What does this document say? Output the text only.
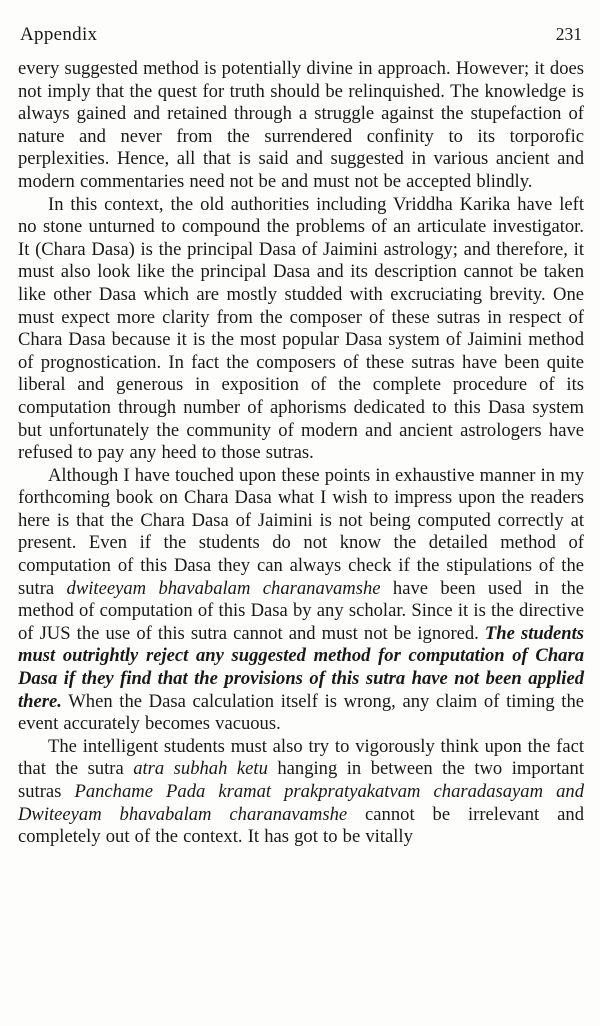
Appendix	231

every suggested method is potentially divine in approach. However; it does not imply that the quest for truth should be relinquished. The knowledge is always gained and retained through a struggle against the stupefaction of nature and never from the surrendered confinity to its torporofic perplexities. Hence, all that is said and suggested in various ancient and modern commentaries need not be and must not be accepted blindly.

In this context, the old authorities including Vriddha Karika have left no stone unturned to compound the problems of an articulate investigator. It (Chara Dasa) is the principal Dasa of Jaimini astrology; and therefore, it must also look like the principal Dasa and its description cannot be taken like other Dasa which are mostly studded with excruciating brevity. One must expect more clarity from the composer of these sutras in respect of Chara Dasa because it is the most popular Dasa system of Jaimini method of prognostication. In fact the composers of these sutras have been quite liberal and generous in exposition of the complete procedure of its computation through number of aphorisms dedicated to this Dasa system but unfortunately the community of modern and ancient astrologers have refused to pay any heed to those sutras.

Although I have touched upon these points in exhaustive manner in my forthcoming book on Chara Dasa what I wish to impress upon the readers here is that the Chara Dasa of Jaimini is not being computed correctly at present. Even if the students do not know the detailed method of computation of this Dasa they can always check if the stipulations of the sutra dwiteeyam bhavabalam charanavamshe have been used in the method of computation of this Dasa by any scholar. Since it is the directive of JUS the use of this sutra cannot and must not be ignored. The students must outrightly reject any suggested method for computation of Chara Dasa if they find that the provisions of this sutra have not been applied there. When the Dasa calculation itself is wrong, any claim of timing the event accurately becomes vacuous.

The intelligent students must also try to vigorously think upon the fact that the sutra atra subhah ketu hanging in between the two important sutras Panchame Pada kramat prakpratyakatvam charadasayam and Dwiteeyam bhavabalam charanavamshe cannot be irrelevant and completely out of the context. It has got to be vitally
